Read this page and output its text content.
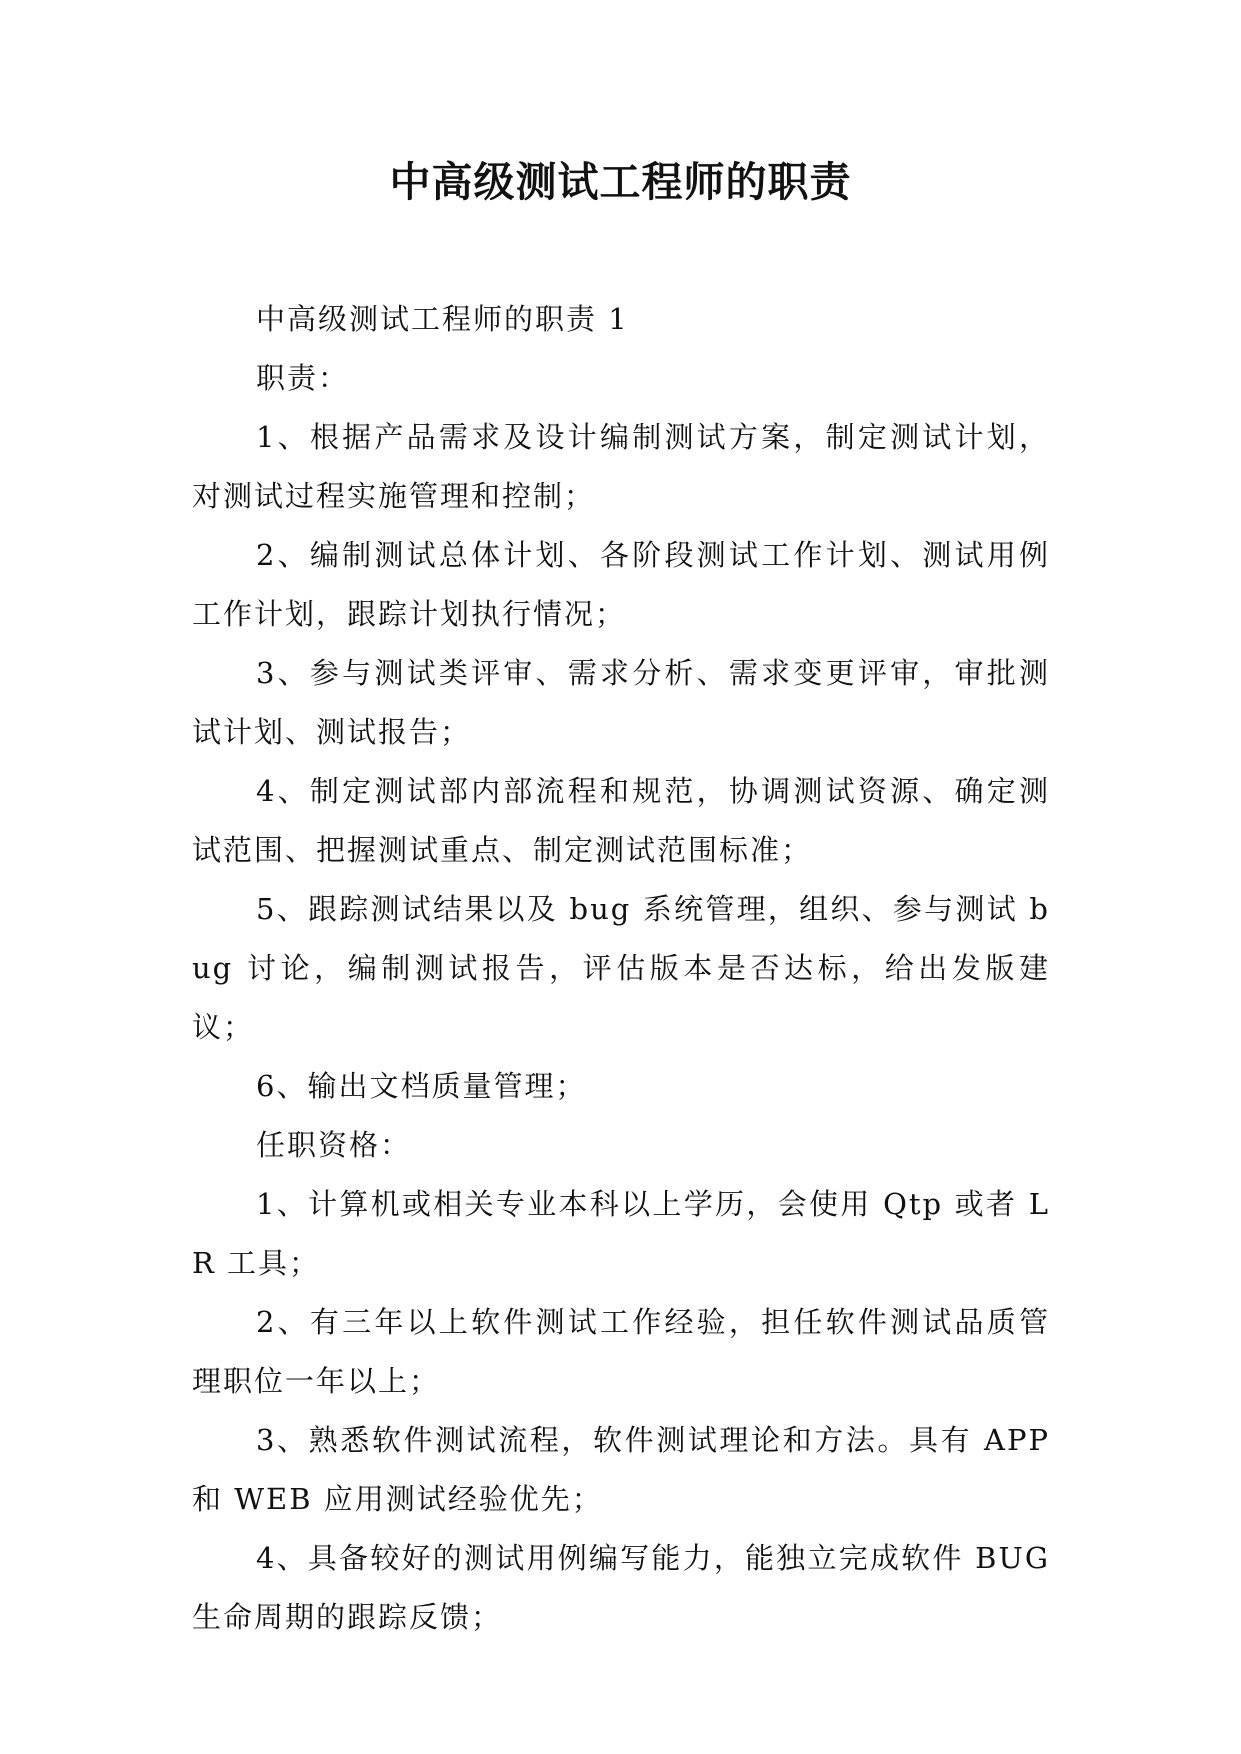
中高级测试工程师的职责

中高级测试工程师的职责 1

职责：

1、根据产品需求及设计编制测试方案，制定测试计划，对测试过程实施管理和控制；

2、编制测试总体计划、各阶段测试工作计划、测试用例工作计划，跟踪计划执行情况；

3、参与测试类评审、需求分析、需求变更评审，审批测试计划、测试报告；

4、制定测试部内部流程和规范，协调测试资源、确定测试范围、把握测试重点、制定测试范围标准；

5、跟踪测试结果以及 bug 系统管理，组织、参与测试 bug 讨论，编制测试报告，评估版本是否达标，给出发版建议；

6、输出文档质量管理；

任职资格：

1、计算机或相关专业本科以上学历，会使用 Qtp 或者 LR 工具；

2、有三年以上软件测试工作经验，担任软件测试品质管理职位一年以上；

3、熟悉软件测试流程，软件测试理论和方法。具有 APP 和 WEB 应用测试经验优先；

4、具备较好的测试用例编写能力，能独立完成软件 BUG 生命周期的跟踪反馈；
